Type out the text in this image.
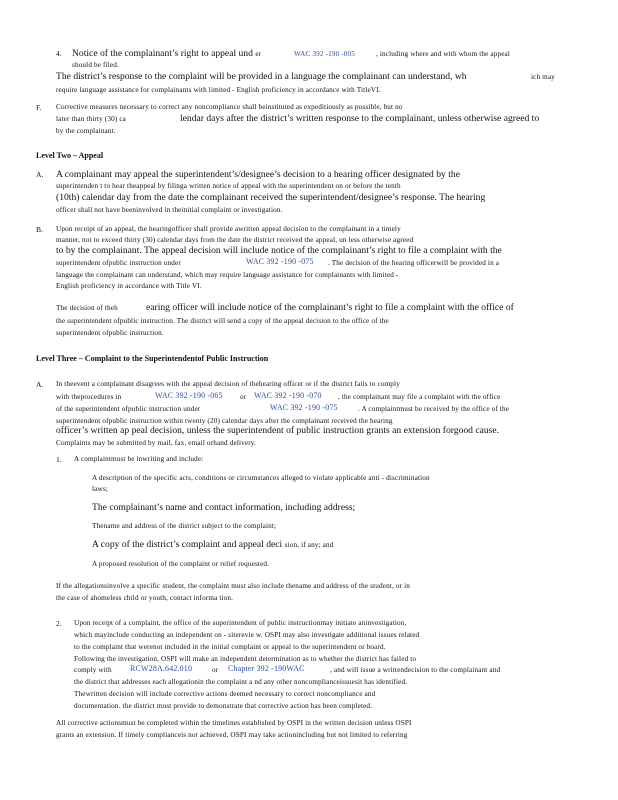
4. Notice of the complainant’s right to appeal und er	WAC 392 -190 -005	, including where and with whom the appeal
should be filed.
The district’s response to the complaint will be provided in a language the complainant can understand, wh	ich may
require language assistance for complainants with limited - English proficiency in accordance with TitleVI.
F. Corrective measures necessary to correct any noncompliance shall beinstituted as expeditiously as possible, but no
later than thirty (30) ca	lendar days after the district’s written response to the complainant, unless otherwise agreed to
by the complainant.
Level Two – Appeal
A. A complainant may appeal the superintendent’s/designee’s decision to a hearing officer designated by the
superintenden t to hear theappeal by filinga written notice of appeal with the superintendent on or before the tenth
(10th) calendar day from the date the complainant received the superintendent/designee’s response. The hearing
officer shall not have beeninvolved in theinitial complaint or investigation.
B. Upon receipt of an appeal, the hearingofficer shall provide awritten appeal decision to the complainant in a timely
manner, not to exceed thirty (30) calendar days from the date the district received the appeal, un less otherwise agreed
to by the complainant. The appeal decision will include notice of the complainant’s right to file a complaint with the
superintendent ofpublic instruction under	WAC 392 -190 -075 . The decision of the hearing officerwill be provided in a
language the complainant can understand, which may require language assistance for complainants with limited -
English proficiency in accordance with Title VI.
The decision of theh	earing officer will include notice of the complainant’s right to file a complaint with the office of
the superintendent ofpublic instruction. The district will send a copy of the appeal decision to the office of the
superintendent ofpublic instruction.
Level Three – Complaint to the Superintendentof Public Instruction
A. In theevent a complainant disagrees with the appeal decision of thehearing officer or if the district fails to comply
with theprocedures in	WAC 392 -190 -065 or WAC 392 -190 -070 , the complainant may file a complaint with the office
of the superintendent ofpublic instruction under	WAC 392 -190 -075	. A complaintmust be received by the office of the
superintendent ofpublic instruction within twenty (20) calendar days after the complainant received the hearing
officer’s written ap peal decision, unless the superintendent of public instruction grants an extension forgood cause.
Complaints may be submitted by mail, fax, email orhand delivery.
1. A complaintmust be inwriting and include:
A description of the specific acts, conditions or circumstances alleged to violate applicable anti - discrimination
laws;
The complainant’s name and contact information, including address;
Thename and address of the district subject to the complaint;
A copy of the district’s complaint and appeal deci sion, if any; and
A proposed resolution of the complaint or relief requested.
If the allegationsinvolve a specific student, the complaint must also include thename and address of the student, or in
the case of ahomeless child or youth, contact informa tion.
2. Upon receipt of a complaint, the office of the superintendent of public instructionmay initiate aninvestigation,
which mayinclude conducting an independent on - siterevie w. OSPI may also investigate additional issues related
to the complaint that werenot included in the initial complaint or appeal to the superintendent or board.
Following the investigation, OSPI will make an independent determination as to whether the district has failed to
comply with RCW28A.642.010	or Chapter 392 -190WAC	, and will issue a writtendecision to the complainant and
the district that addresses each allegationin the complaint a nd any other noncomplianceissuesit has identified.
Thewritten decision will include corrective actions deemed necessary to correct noncompliance and
documentation. the district must provide to demonstrate that corrective action has been completed.
All corrective actionsmust be completed within the timelines established by OSPI in the written decision unless OSPI
grants an extension. If timely complianceis not achieved, OSPI may take actionincluding but not limited to referring
